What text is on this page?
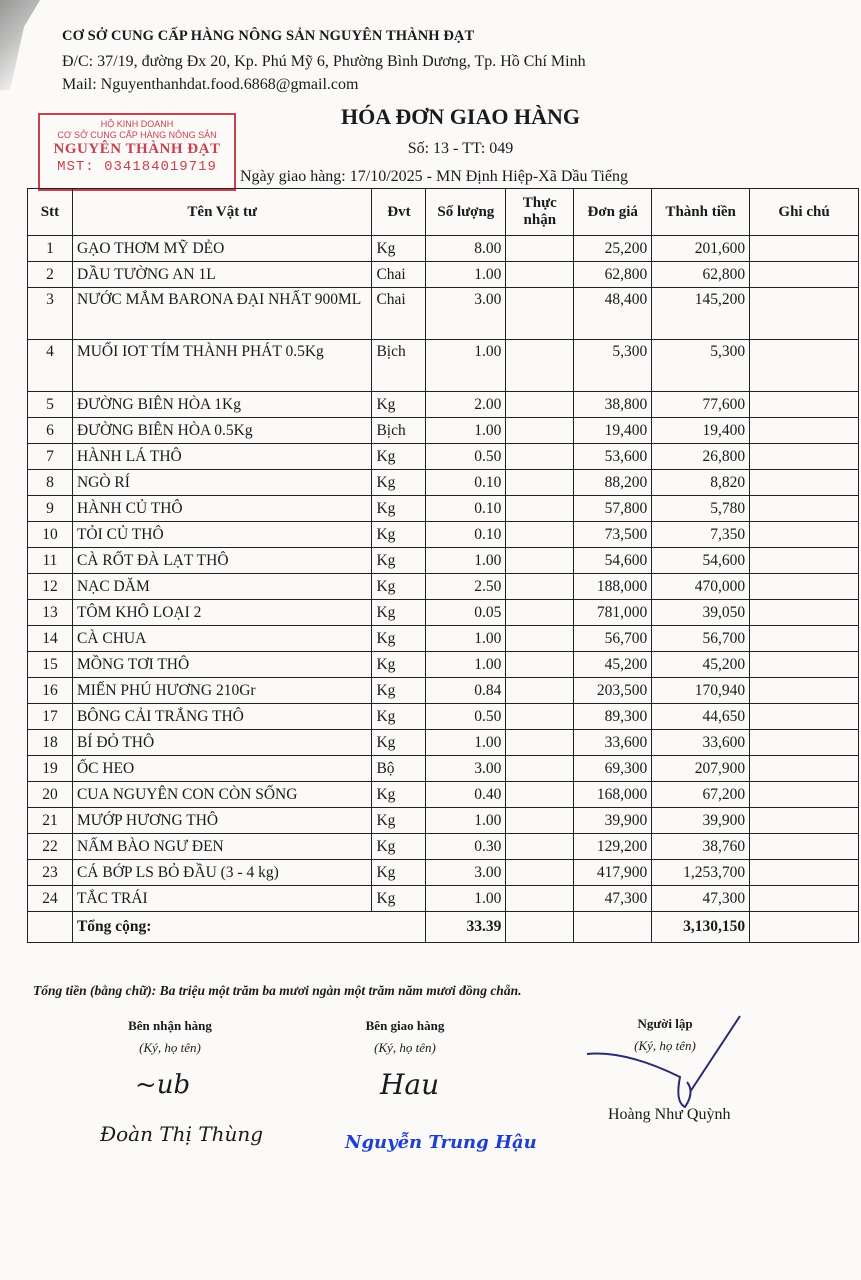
CƠ SỞ CUNG CẤP HÀNG NÔNG SẢN NGUYÊN THÀNH ĐẠT
Đ/C: 37/19, đường Đx 20, Kp. Phú Mỹ 6, Phường Bình Dương, Tp. Hồ Chí Minh
Mail: Nguyenthanhdat.food.6868@gmail.com
HỘ KINH DOANH
CƠ SỞ CUNG CẤP HÀNG NÔNG SẢN
NGUYÊN THÀNH ĐẠT
MST: 034184019719
HÓA ĐƠN GIAO HÀNG
Số: 13 - TT: 049
Ngày giao hàng: 17/10/2025 - MN Định Hiệp-Xã Dầu Tiếng
Stt	Tên Vật tư	Đvt	Số lượng	Thực nhận	Đơn giá	Thành tiền	Ghi chú
1	GẠO THƠM MỸ DẺO	Kg	8.00		25,200	201,600	
2	DẦU TƯỜNG AN 1L	Chai	1.00		62,800	62,800	
3	NƯỚC MẮM BARONA ĐẠI NHẤT 900ML	Chai	3.00		48,400	145,200	
4	MUỐI IOT TÍM THÀNH PHÁT 0.5Kg	Bịch	1.00		5,300	5,300	
5	ĐƯỜNG BIÊN HÒA 1Kg	Kg	2.00		38,800	77,600	
6	ĐƯỜNG BIÊN HÒA 0.5Kg	Bịch	1.00		19,400	19,400	
7	HÀNH LÁ THÔ	Kg	0.50		53,600	26,800	
8	NGÒ RÍ	Kg	0.10		88,200	8,820	
9	HÀNH CỦ THÔ	Kg	0.10		57,800	5,780	
10	TỎI CỦ THÔ	Kg	0.10		73,500	7,350	
11	CÀ RỐT ĐÀ LẠT THÔ	Kg	1.00		54,600	54,600	
12	NẠC DĂM	Kg	2.50		188,000	470,000	
13	TÔM KHÔ LOẠI 2	Kg	0.05		781,000	39,050	
14	CÀ CHUA	Kg	1.00		56,700	56,700	
15	MỒNG TƠI THÔ	Kg	1.00		45,200	45,200	
16	MIẾN PHÚ HƯƠNG 210Gr	Kg	0.84		203,500	170,940	
17	BÔNG CẢI TRẮNG THÔ	Kg	0.50		89,300	44,650	
18	BÍ ĐỎ THÔ	Kg	1.00		33,600	33,600	
19	ỐC HEO	Bộ	3.00		69,300	207,900	
20	CUA NGUYÊN CON CÒN SỐNG	Kg	0.40		168,000	67,200	
21	MƯỚP HƯƠNG THÔ	Kg	1.00		39,900	39,900	
22	NẤM BÀO NGƯ ĐEN	Kg	0.30		129,200	38,760	
23	CÁ BỚP LS BỎ ĐẦU (3 - 4 kg)	Kg	3.00		417,900	1,253,700	
24	TẮC TRÁI	Kg	1.00		47,300	47,300	
	Tổng cộng:		33.39			3,130,150	
Tổng tiền (bằng chữ): Ba triệu một trăm ba mươi ngàn một trăm năm mươi đồng chẵn.
Bên nhận hàng
(Ký, họ tên)
~ub
Đoàn Thị Thùng
Bên giao hàng
(Ký, họ tên)
Hau
Nguyễn Trung Hậu
Người lập
(Ký, họ tên)
Hoàng Như Quỳnh
